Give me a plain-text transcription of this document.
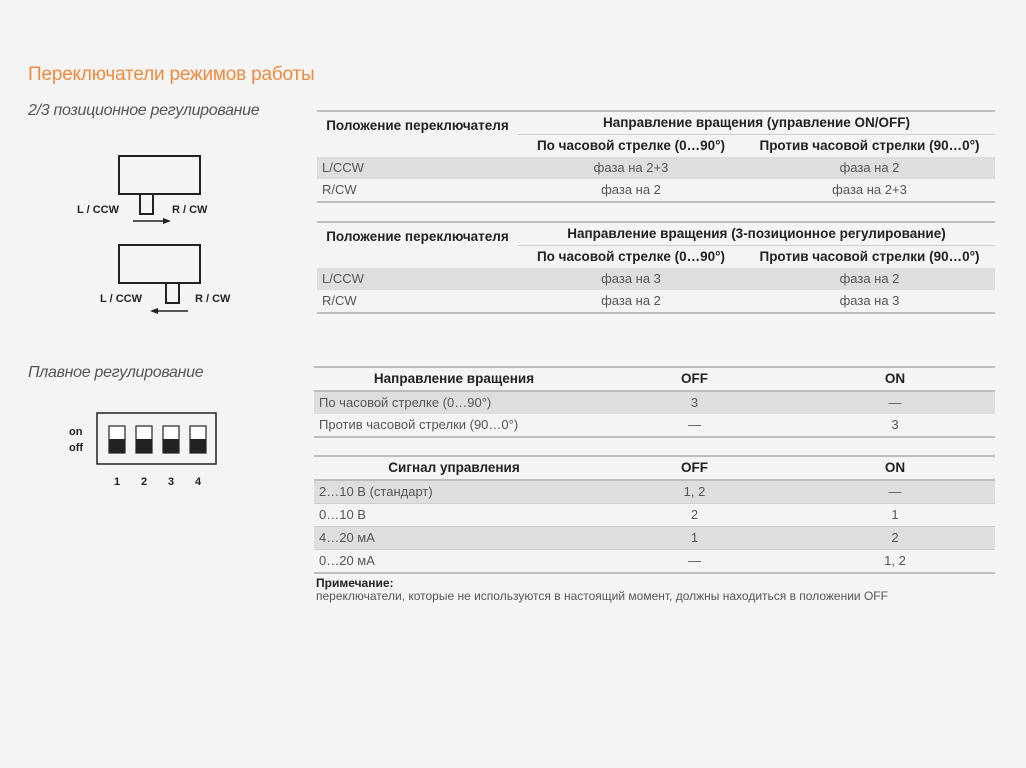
Переключатели режимов работы
2/3 позиционное регулирование
Плавное регулирование
L / CCW	R / CW
L / CCW	R / CW
on
off
1 2 3 4
Положение переключателя	Направление вращения (управление ON/OFF)	
	По часовой стрелке (0…90°)	Против часовой стрелки (90…0°)
L/CCW	фаза на 2+3	фаза на 2
R/CW	фаза на 2	фаза на 2+3
Положение переключателя	Направление вращения (3-позиционное регулирование)	
	По часовой стрелке (0…90°)	Против часовой стрелки (90…0°)
L/CCW	фаза на 3	фаза на 2
R/CW	фаза на 2	фаза на 3
Направление вращения	OFF	ON
По часовой стрелке (0…90°)	3	—
Против часовой стрелки (90…0°)	—	3
Сигнал управления	OFF	ON
2…10 В (стандарт)	1, 2	—
0…10 В	2	1
4…20 мА	1	2
0…20 мА	—	1, 2
Примечание:
переключатели, которые не используются в настоящий момент, должны находиться в положении OFF
